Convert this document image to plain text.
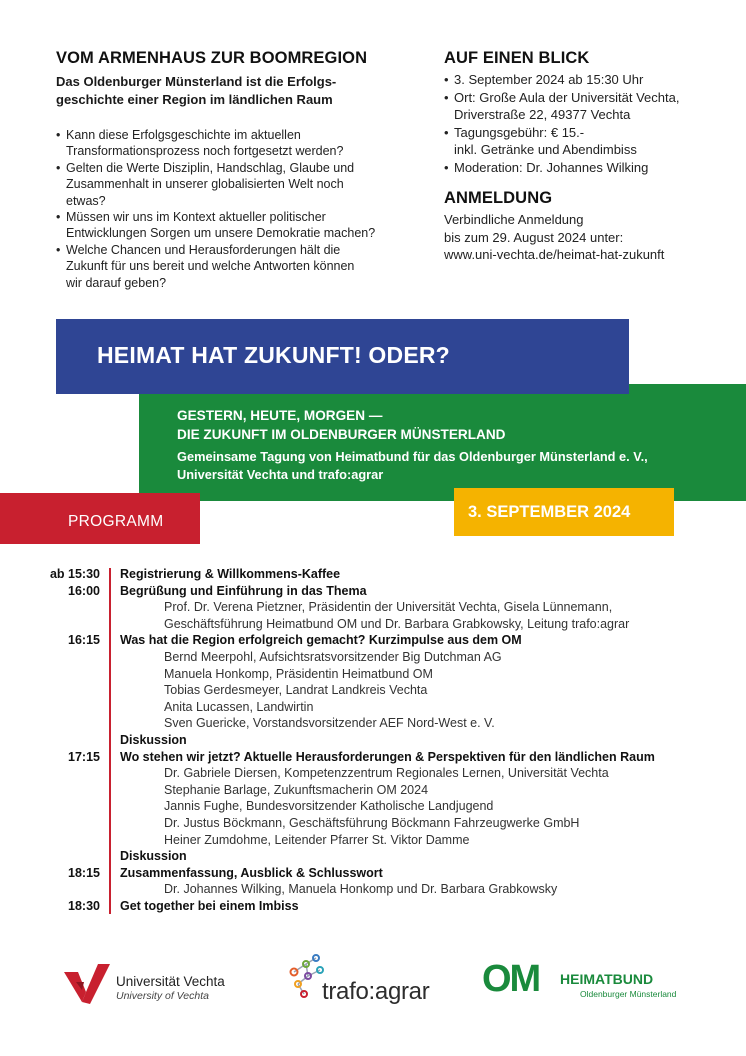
VOM ARMENHAUS ZUR BOOMREGION
Das Oldenburger Münsterland ist die Erfolgs-
geschichte einer Region im ländlichen Raum
• Kann diese Erfolgsgeschichte im aktuellen
Transformationsprozess noch fortgesetzt werden?
• Gelten die Werte Disziplin, Handschlag, Glaube und
Zusammenhalt in unserer globalisierten Welt noch
etwas?
• Müssen wir uns im Kontext aktueller politischer
Entwicklungen Sorgen um unsere Demokratie machen?
• Welche Chancen und Herausforderungen hält die
Zukunft für uns bereit und welche Antworten können
wir darauf geben?
AUF EINEN BLICK
• 3. September 2024 ab 15:30 Uhr
• Ort: Große Aula der Universität Vechta,
Driverstraße 22, 49377 Vechta
• Tagungsgebühr: € 15.-
inkl. Getränke und Abendimbiss
• Moderation: Dr. Johannes Wilking
ANMELDUNG
Verbindliche Anmeldung
bis zum 29. August 2024 unter:
www.uni-vechta.de/heimat-hat-zukunft
GESTERN, HEUTE, MORGEN —
DIE ZUKUNFT IM OLDENBURGER MÜNSTERLAND
Gemeinsame Tagung von Heimatbund für das Oldenburger Münsterland e. V.,
Universität Vechta und trafo:agrar
HEIMAT HAT ZUKUNFT! ODER?
PROGRAMM
3. SEPTEMBER 2024
ab 15:30 Registrierung & Willkommens-Kaffee
16:00 Begrüßung und Einführung in das Thema
Prof. Dr. Verena Pietzner, Präsidentin der Universität Vechta, Gisela Lünnemann,
Geschäftsführung Heimatbund OM und Dr. Barbara Grabkowsky, Leitung trafo:agrar
16:15 Was hat die Region erfolgreich gemacht? Kurzimpulse aus dem OM
Bernd Meerpohl, Aufsichtsratsvorsitzender Big Dutchman AG
Manuela Honkomp, Präsidentin Heimatbund OM
Tobias Gerdesmeyer, Landrat Landkreis Vechta
Anita Lucassen, Landwirtin
Sven Guericke, Vorstandsvorsitzender AEF Nord-West e. V.
Diskussion
17:15 Wo stehen wir jetzt? Aktuelle Herausforderungen & Perspektiven für den ländlichen Raum
Dr. Gabriele Diersen, Kompetenzzentrum Regionales Lernen, Universität Vechta
Stephanie Barlage, Zukunftsmacherin OM 2024
Jannis Fughe, Bundesvorsitzender Katholische Landjugend
Dr. Justus Böckmann, Geschäftsführung Böckmann Fahrzeugwerke GmbH
Heiner Zumdohme, Leitender Pfarrer St. Viktor Damme
Diskussion
18:15 Zusammenfassung, Ausblick & Schlusswort
Dr. Johannes Wilking, Manuela Honkomp und Dr. Barbara Grabkowsky
18:30 Get together bei einem Imbiss
Universität Vechta
University of Vechta	trafo:agrar OM HEIMATBUND
Oldenburger Münsterland
